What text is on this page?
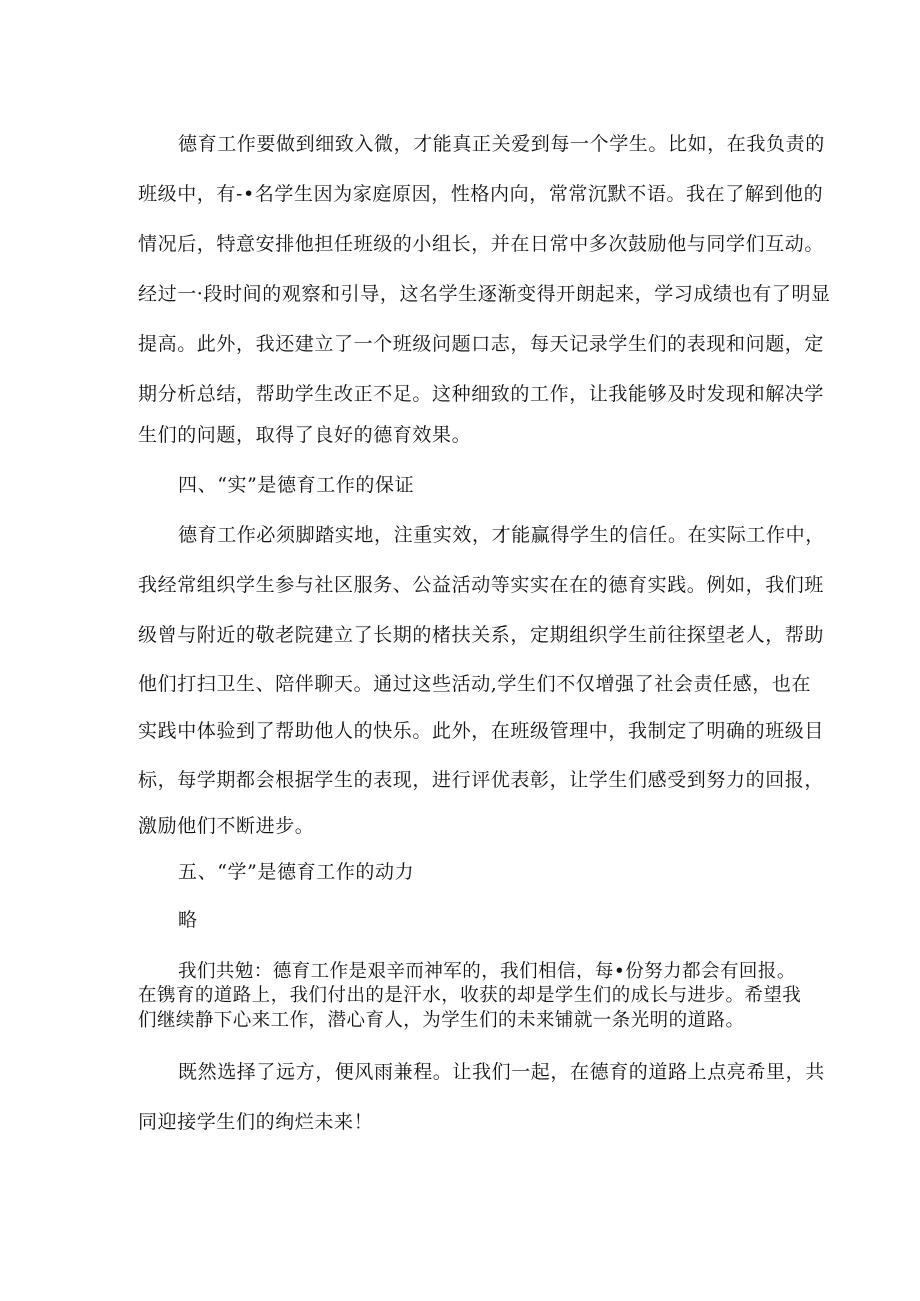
德育工作要做到细致入微，才能真正关爱到每一个学生。比如，在我负责的

班级中，有-•名学生因为家庭原因，性格内向，常常沉默不语。我在了解到他的

情况后，特意安排他担任班级的小组长，并在日常中多次鼓励他与同学们互动。

经过一·段时间的观察和引导，这名学生逐渐变得开朗起来，学习成绩也有了明显

提高。此外，我还建立了一个班级问题口志，每天记录学生们的表现和问题，定

期分析总结，帮助学生改正不足。这种细致的工作，让我能够及时发现和解决学

生们的问题，取得了良好的德育效果。

四、“实”是德育工作的保证

德育工作必须脚踏实地，注重实效，才能赢得学生的信任。在实际工作中，

我经常组织学生参与社区服务、公益活动等实实在在的德育实践。例如，我们班

级曾与附近的敬老院建立了长期的楮扶关系，定期组织学生前往探望老人，帮助

他们打扫卫生、陪伴聊天。通过这些活动,学生们不仅增强了社会责任感，也在

实践中体验到了帮助他人的快乐。此外，在班级管理中，我制定了明确的班级目

标，每学期都会根据学生的表现，进行评优表彰，让学生们感受到努力的回报，

激励他们不断进步。

五、“学”是德育工作的动力

略

我们共勉：德育工作是艰辛而神军的，我们相信，每•份努力都会有回报。

在镌育的道路上，我们付出的是汗水，收获的却是学生们的成长与进步。希望我

们继续静下心来工作，潜心育人，为学生们的未来铺就一条光明的道路。

既然选择了远方，便风雨兼程。让我们一起，在德育的道路上点亮希里，共

同迎接学生们的绚烂未来！
